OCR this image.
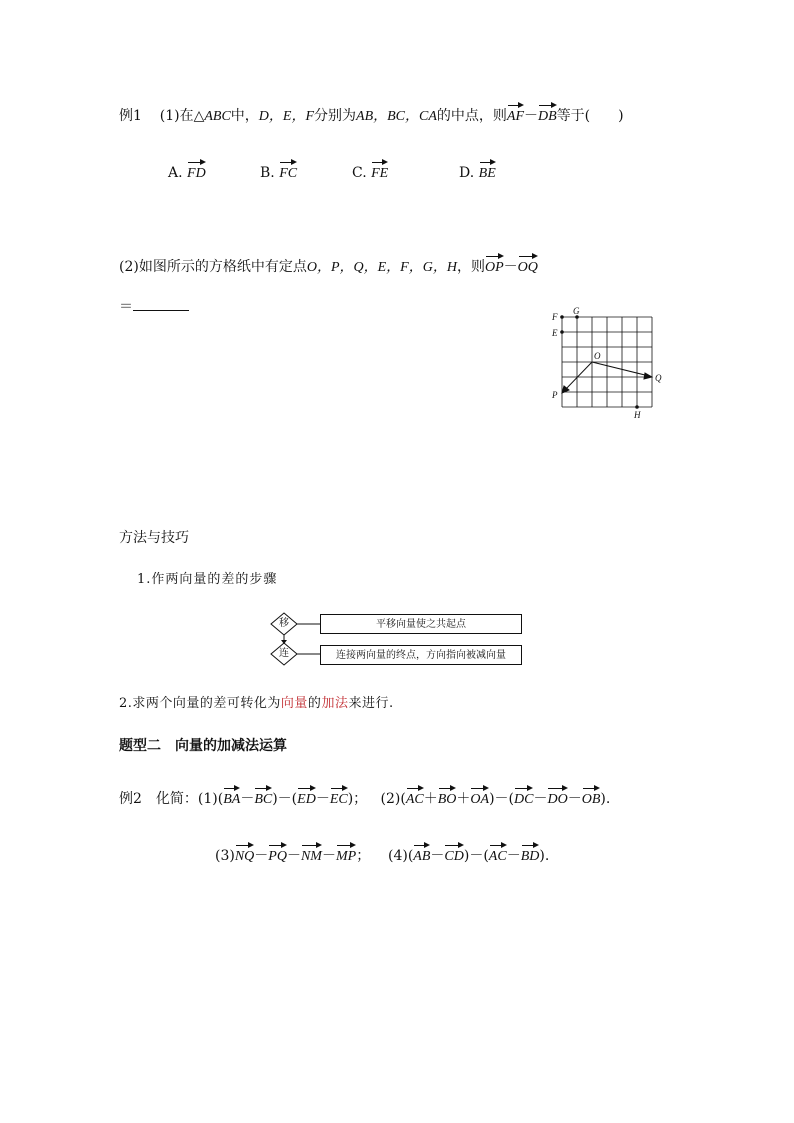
例1 (1)在△ABC中，D，E，F分别为AB，BC，CA的中点，则AF－DB等于(　　)
A. FD	B. FC	C. FE	D. BE
(2)如图所示的方格纸中有定点O，P，Q，E，F，G，H，则OP－OQ
＝
F
G
E
O
Q
P
H
方法与技巧
1.作两向量的差的步骤
移
连
平移向量使之共起点
连接两向量的终点，方向指向被减向量
2.求两个向量的差可转化为向量的加法来进行.
题型二　向量的加减法运算
例2　化简：(1)(BA－BC)－(ED－EC)； (2)(AC＋BO＋OA)－(DC－DO－OB).
(3)NQ－PQ－NM－MP； (4)(AB－CD)－(AC－BD).
